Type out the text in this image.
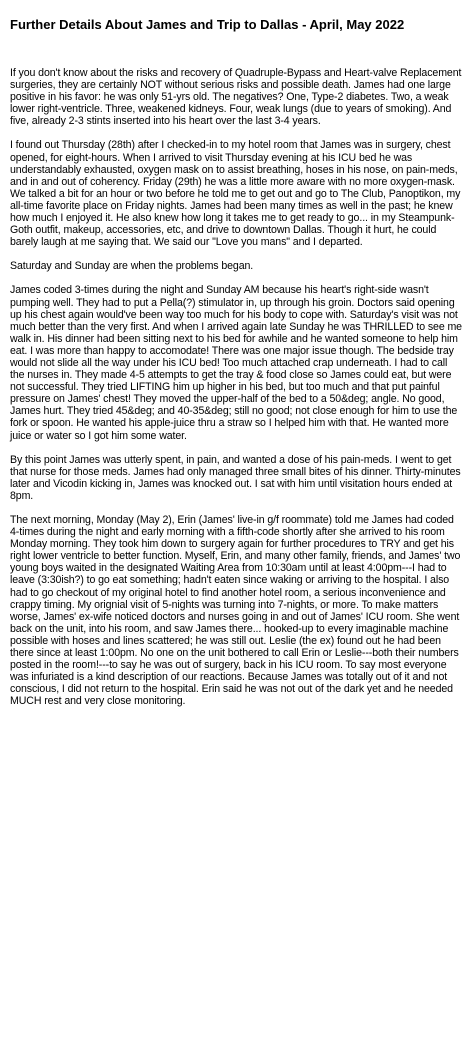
Further Details About James and Trip to Dallas - April, May 2022

If you don't know about the risks and recovery of Quadruple-Bypass and Heart-valve Replacement surgeries, they are certainly NOT without serious risks and possible death. James had one large positive in his favor: he was only 51-yrs old. The negatives? One, Type-2 diabetes. Two, a weak lower right-ventricle. Three, weakened kidneys. Four, weak lungs (due to years of smoking). And five, already 2-3 stints inserted into his heart over the last 3-4 years.

I found out Thursday (28th) after I checked-in to my hotel room that James was in surgery, chest opened, for eight-hours. When I arrived to visit Thursday evening at his ICU bed he was understandably exhausted, oxygen mask on to assist breathing, hoses in his nose, on pain-meds, and in and out of coherency. Friday (29th) he was a little more aware with no more oxygen-mask. We talked a bit for an hour or two before he told me to get out and go to The Club, Panoptikon, my all-time favorite place on Friday nights. James had been many times as well in the past; he knew how much I enjoyed it. He also knew how long it takes me to get ready to go... in my Steampunk-Goth outfit, makeup, accessories, etc, and drive to downtown Dallas. Though it hurt, he could barely laugh at me saying that. We said our "Love you mans" and I departed.

Saturday and Sunday are when the problems began.

James coded 3-times during the night and Sunday AM because his heart's right-side wasn't pumping well. They had to put a Pella(?) stimulator in, up through his groin. Doctors said opening up his chest again would've been way too much for his body to cope with. Saturday's visit was not much better than the very first. And when I arrived again late Sunday he was THRILLED to see me walk in. His dinner had been sitting next to his bed for awhile and he wanted someone to help him eat. I was more than happy to accomodate! There was one major issue though. The bedside tray would not slide all the way under his ICU bed! Too much attached crap underneath. I had to call the nurses in. They made 4-5 attempts to get the tray & food close so James could eat, but were not successful. They tried LIFTING him up higher in his bed, but too much and that put painful pressure on James' chest! They moved the upper-half of the bed to a 50&deg; angle. No good, James hurt. They tried 45&deg; and 40-35&deg; still no good; not close enough for him to use the fork or spoon. He wanted his apple-juice thru a straw so I helped him with that. He wanted more juice or water so I got him some water.

By this point James was utterly spent, in pain, and wanted a dose of his pain-meds. I went to get that nurse for those meds. James had only managed three small bites of his dinner. Thirty-minutes later and Vicodin kicking in, James was knocked out. I sat with him until visitation hours ended at 8pm.

The next morning, Monday (May 2), Erin (James' live-in g/f roommate) told me James had coded 4-times during the night and early morning with a fifth-code shortly after she arrived to his room Monday morning. They took him down to surgery again for further procedures to TRY and get his right lower ventricle to better function. Myself, Erin, and many other family, friends, and James' two young boys waited in the designated Waiting Area from 10:30am until at least 4:00pm---I had to leave (3:30ish?) to go eat something; hadn't eaten since waking or arriving to the hospital. I also had to go checkout of my original hotel to find another hotel room, a serious inconvenience and crappy timing. My orignial visit of 5-nights was turning into 7-nights, or more. To make matters worse, James' ex-wife noticed doctors and nurses going in and out of James' ICU room. She went back on the unit, into his room, and saw James there... hooked-up to every imaginable machine possible with hoses and lines scattered; he was still out. Leslie (the ex) found out he had been there since at least 1:00pm. No one on the unit bothered to call Erin or Leslie---both their numbers posted in the room!---to say he was out of surgery, back in his ICU room. To say most everyone was infuriated is a kind description of our reactions. Because James was totally out of it and not conscious, I did not return to the hospital. Erin said he was not out of the dark yet and he needed MUCH rest and very close monitoring.
